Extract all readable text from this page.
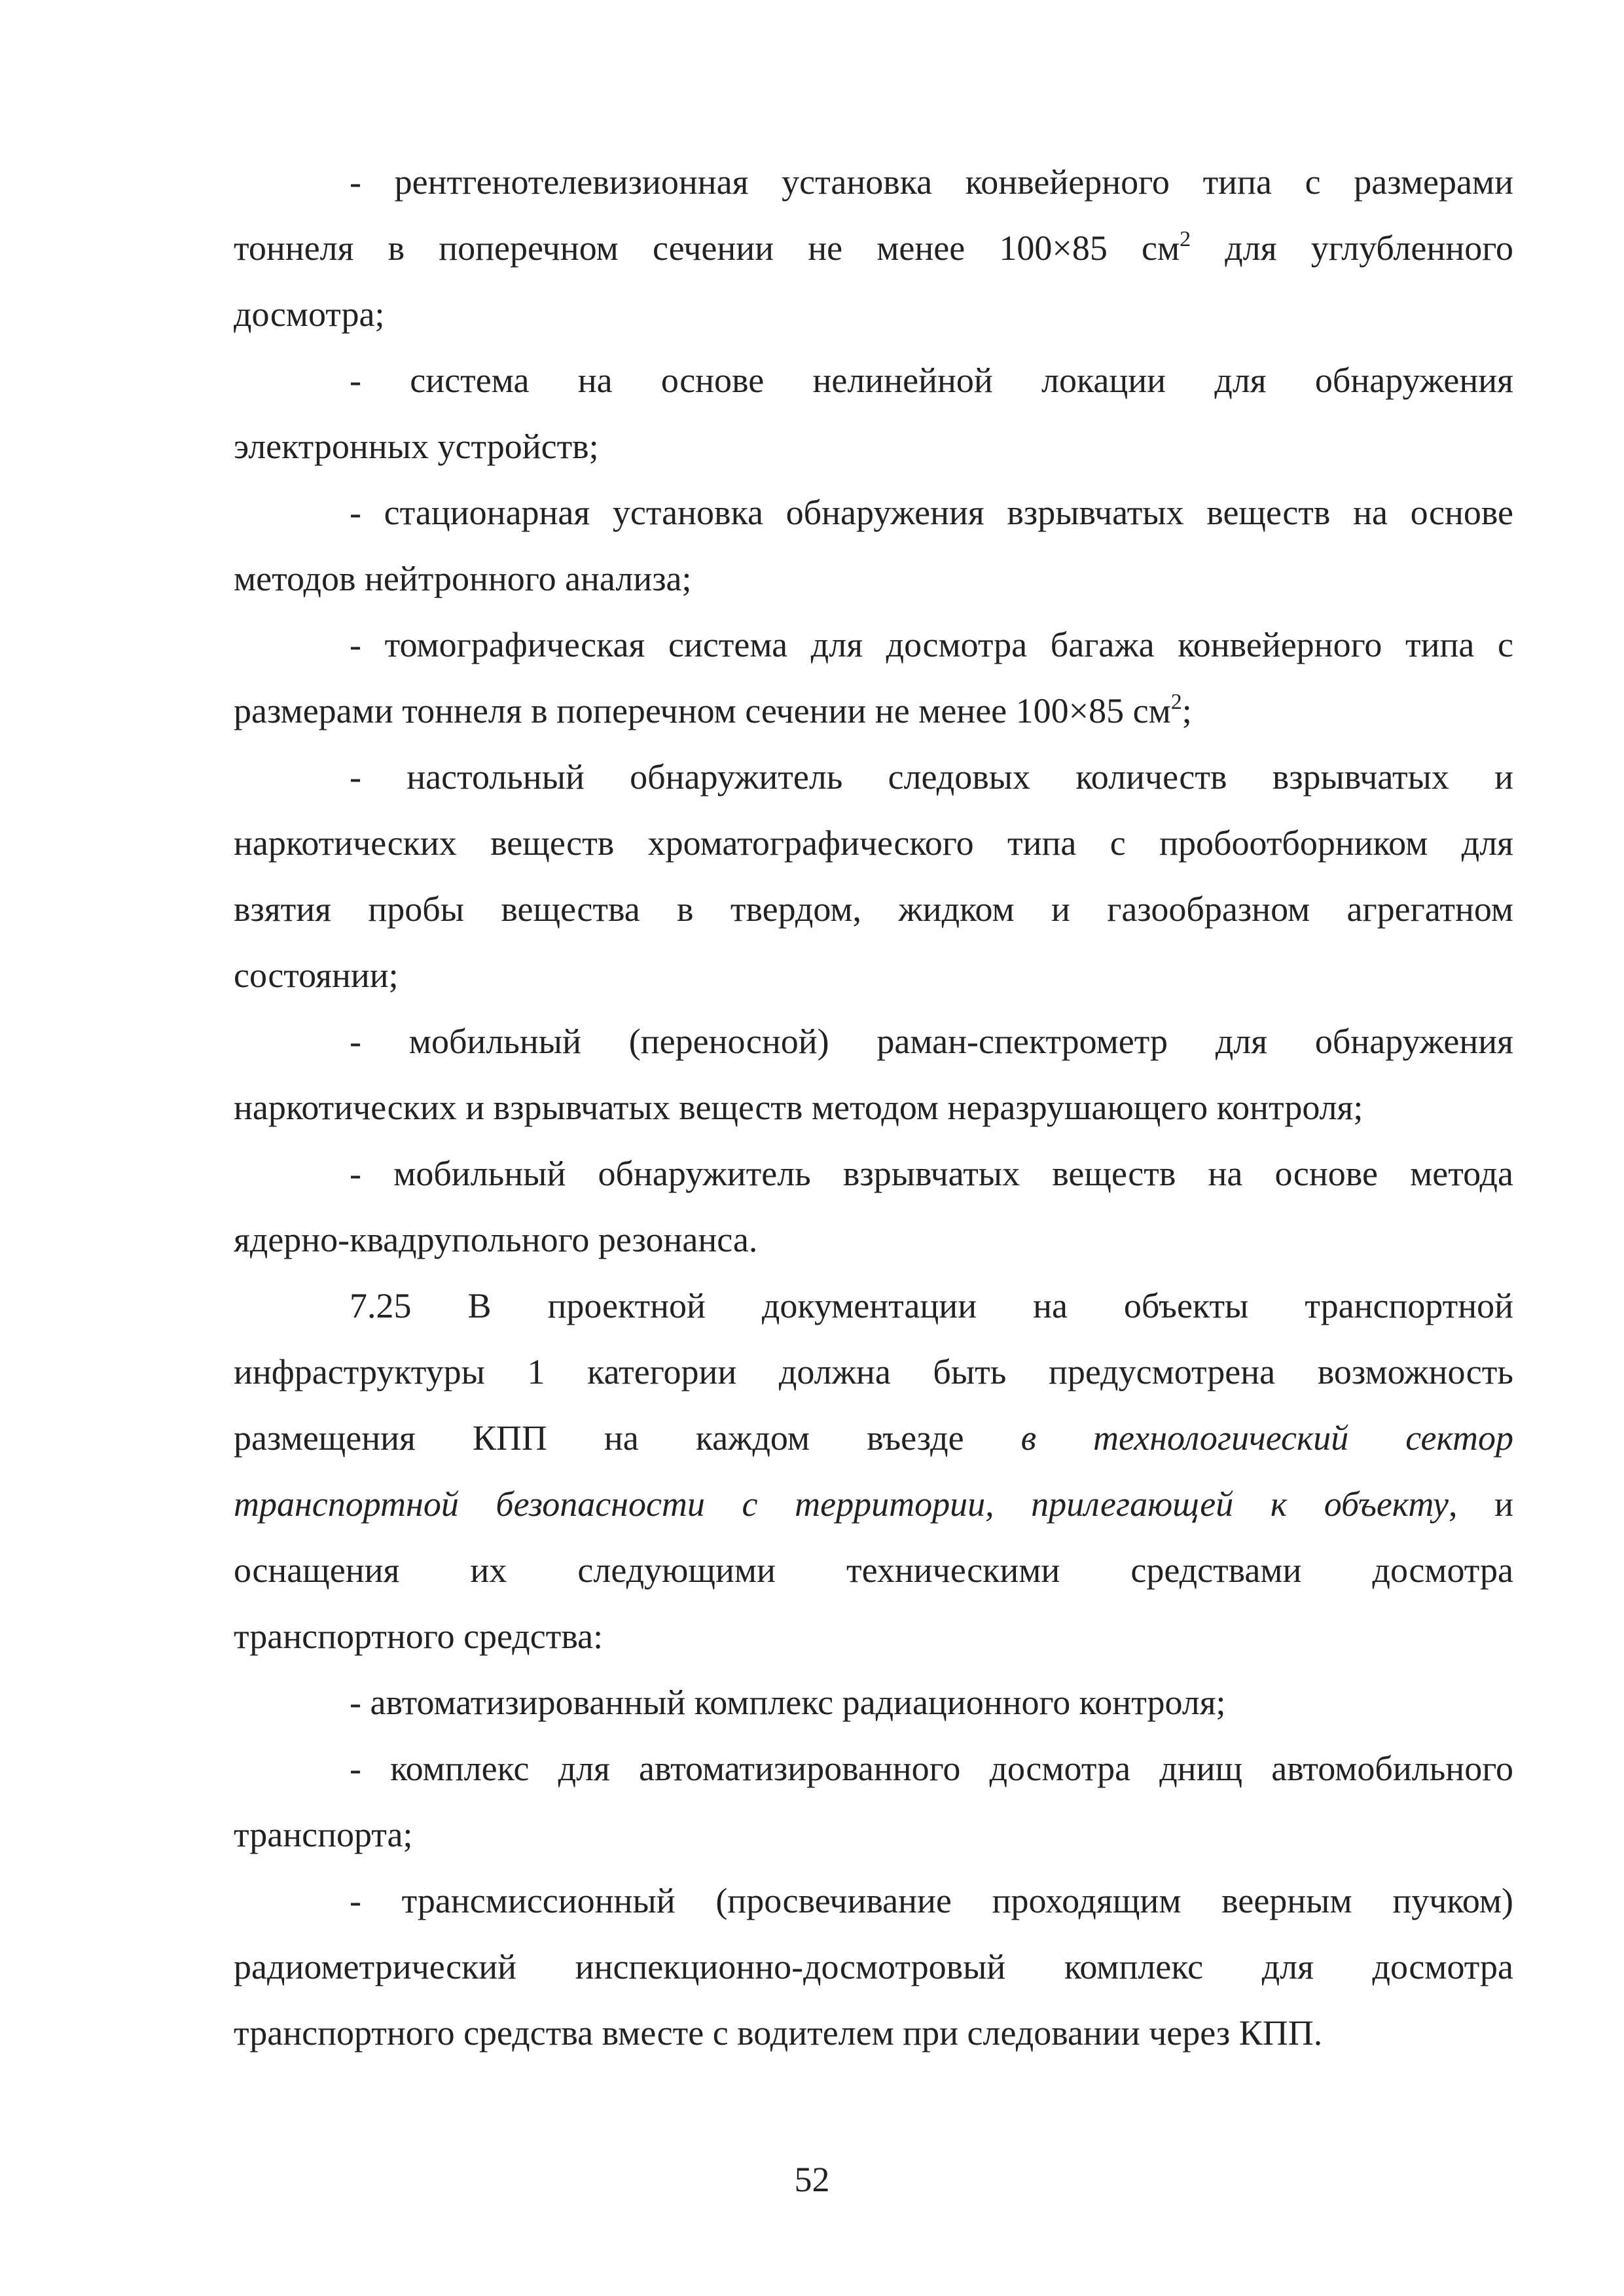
- рентгенотелевизионная установка конвейерного типа с размерами
тоннеля в поперечном сечении не менее 100×85 $см^2$ для углубленного
досмотра;

- система на основе нелинейной локации для обнаружения
электронных устройств;

- стационарная установка обнаружения взрывчатых веществ на основе
методов нейтронного анализа;

- томографическая система для досмотра багажа конвейерного типа с
размерами тоннеля в поперечном сечении не менее 100×85 $см^2$;

- настольный обнаружитель следовых количеств взрывчатых и
наркотических веществ хроматографического типа с пробоотборником для
взятия пробы вещества в твердом, жидком и газообразном агрегатном
состоянии;

- мобильный (переносной) раман-спектрометр для обнаружения
наркотических и взрывчатых веществ методом неразрушающего контроля;

- мобильный обнаружитель взрывчатых веществ на основе метода
ядерно-квадрупольного резонанса.

7.25 В проектной документации на объекты транспортной
инфраструктуры 1 категории должна быть предусмотрена возможность
размещения КПП на каждом въезде в технологический сектор
транспортной безопасности с территории, прилегающей к объекту, и
оснащения их следующими техническими средствами досмотра
транспортного средства:

- автоматизированный комплекс радиационного контроля;

- комплекс для автоматизированного досмотра днищ автомобильного
транспорта;

- трансмиссионный (просвечивание проходящим веерным пучком)
радиометрический инспекционно-досмотровый комплекс для досмотра
транспортного средства вместе с водителем при следовании через КПП.

52
